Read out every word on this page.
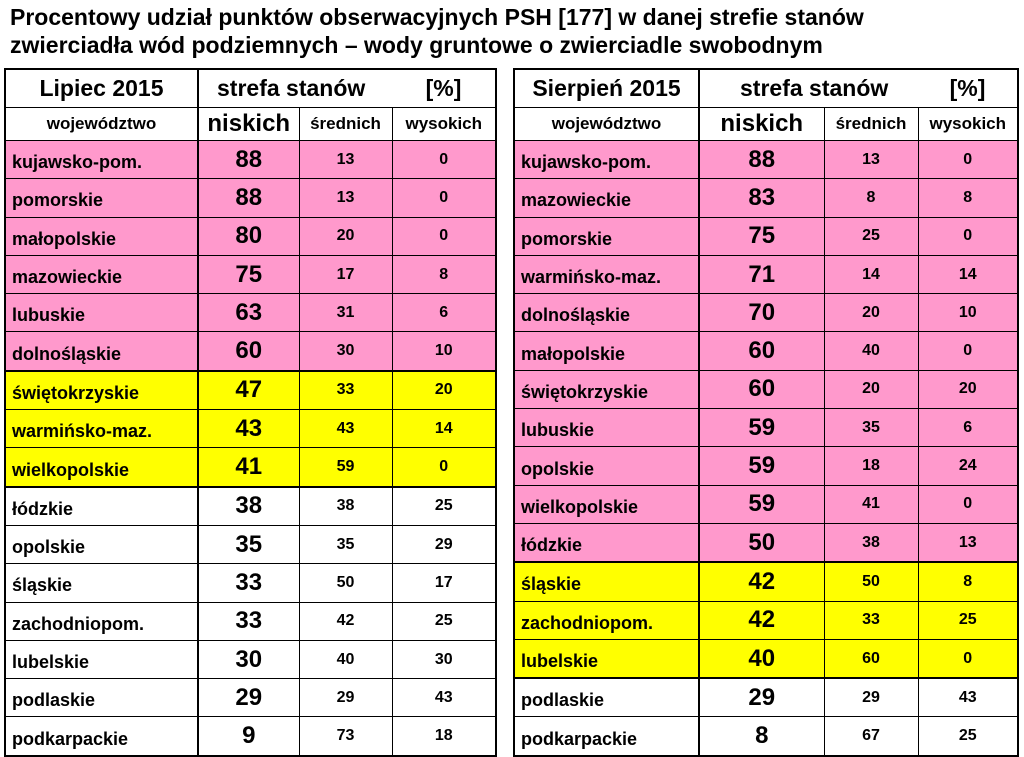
Procentowy udział punktów obserwacyjnych PSH [177] w danej strefie stanów
zwierciadła wód podziemnych – wody gruntowe o zwierciadle swobodnym
Lipiec 2015	strefa stanów		[%]
województwo	niskich	średnich	wysokich
kujawsko-pom.	88	13	0
pomorskie	88	13	0
małopolskie	80	20	0
mazowieckie	75	17	8
lubuskie	63	31	6
dolnośląskie	60	30	10
świętokrzyskie	47	33	20
warmińsko-maz.	43	43	14
wielkopolskie	41	59	0
łódzkie	38	38	25
opolskie	35	35	29
śląskie	33	50	17
zachodniopom.	33	42	25
lubelskie	30	40	30
podlaskie	29	29	43
podkarpackie	9	73	18
Sierpień 2015	strefa stanów		[%]
województwo	niskich	średnich	wysokich
kujawsko-pom.	88	13	0
mazowieckie	83	8	8
pomorskie	75	25	0
warmińsko-maz.	71	14	14
dolnośląskie	70	20	10
małopolskie	60	40	0
świętokrzyskie	60	20	20
lubuskie	59	35	6
opolskie	59	18	24
wielkopolskie	59	41	0
łódzkie	50	38	13
śląskie	42	50	8
zachodniopom.	42	33	25
lubelskie	40	60	0
podlaskie	29	29	43
podkarpackie	8	67	25
